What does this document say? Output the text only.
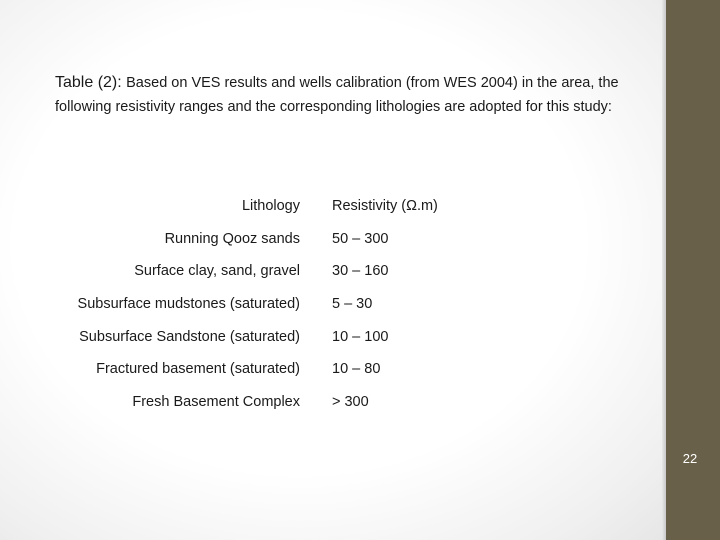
Table (2): Based on VES results and wells calibration (from WES 2004) in the area, the following resistivity ranges and the corresponding lithologies are adopted for this study:
Lithology	Resistivity (Ω.m)
Running Qooz sands	50 – 300
Surface clay, sand, gravel	30 – 160
Subsurface mudstones (saturated)	5 – 30
Subsurface Sandstone (saturated)	10 – 100
Fractured basement (saturated)	10 – 80
Fresh Basement Complex	> 300
22
